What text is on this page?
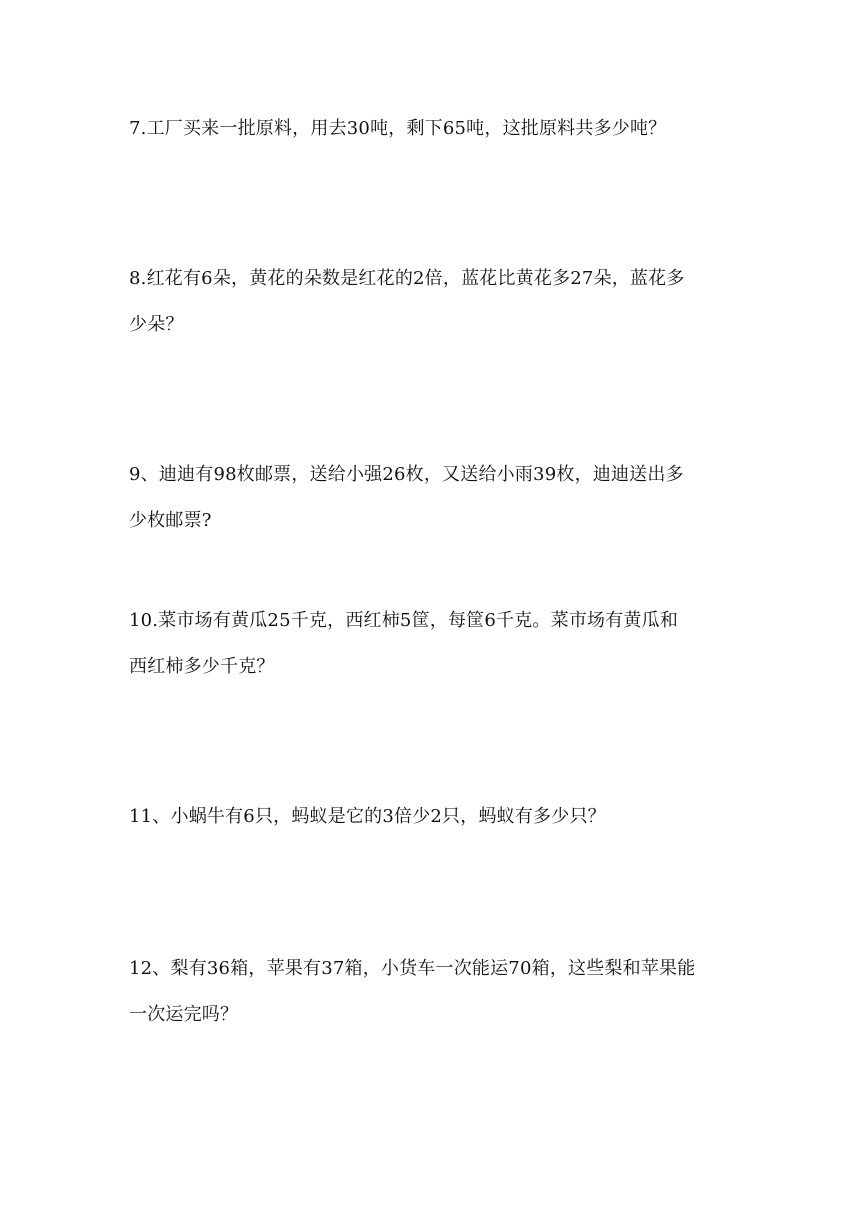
7.工厂买来一批原料，用去30吨，剩下65吨，这批原料共多少吨？
8.红花有6朵，黄花的朵数是红花的2倍，蓝花比黄花多27朵，蓝花多
少朵？
9、迪迪有98枚邮票，送给小强26枚，又送给小雨39枚，迪迪送出多
少枚邮票?
10.菜市场有黄瓜25千克，西红柿5筐，每筐6千克。菜市场有黄瓜和
西红柿多少千克？
11、小蜗牛有6只，蚂蚁是它的3倍少2只，蚂蚁有多少只？
12、梨有36箱，苹果有37箱，小货车一次能运70箱，这些梨和苹果能
一次运完吗？
